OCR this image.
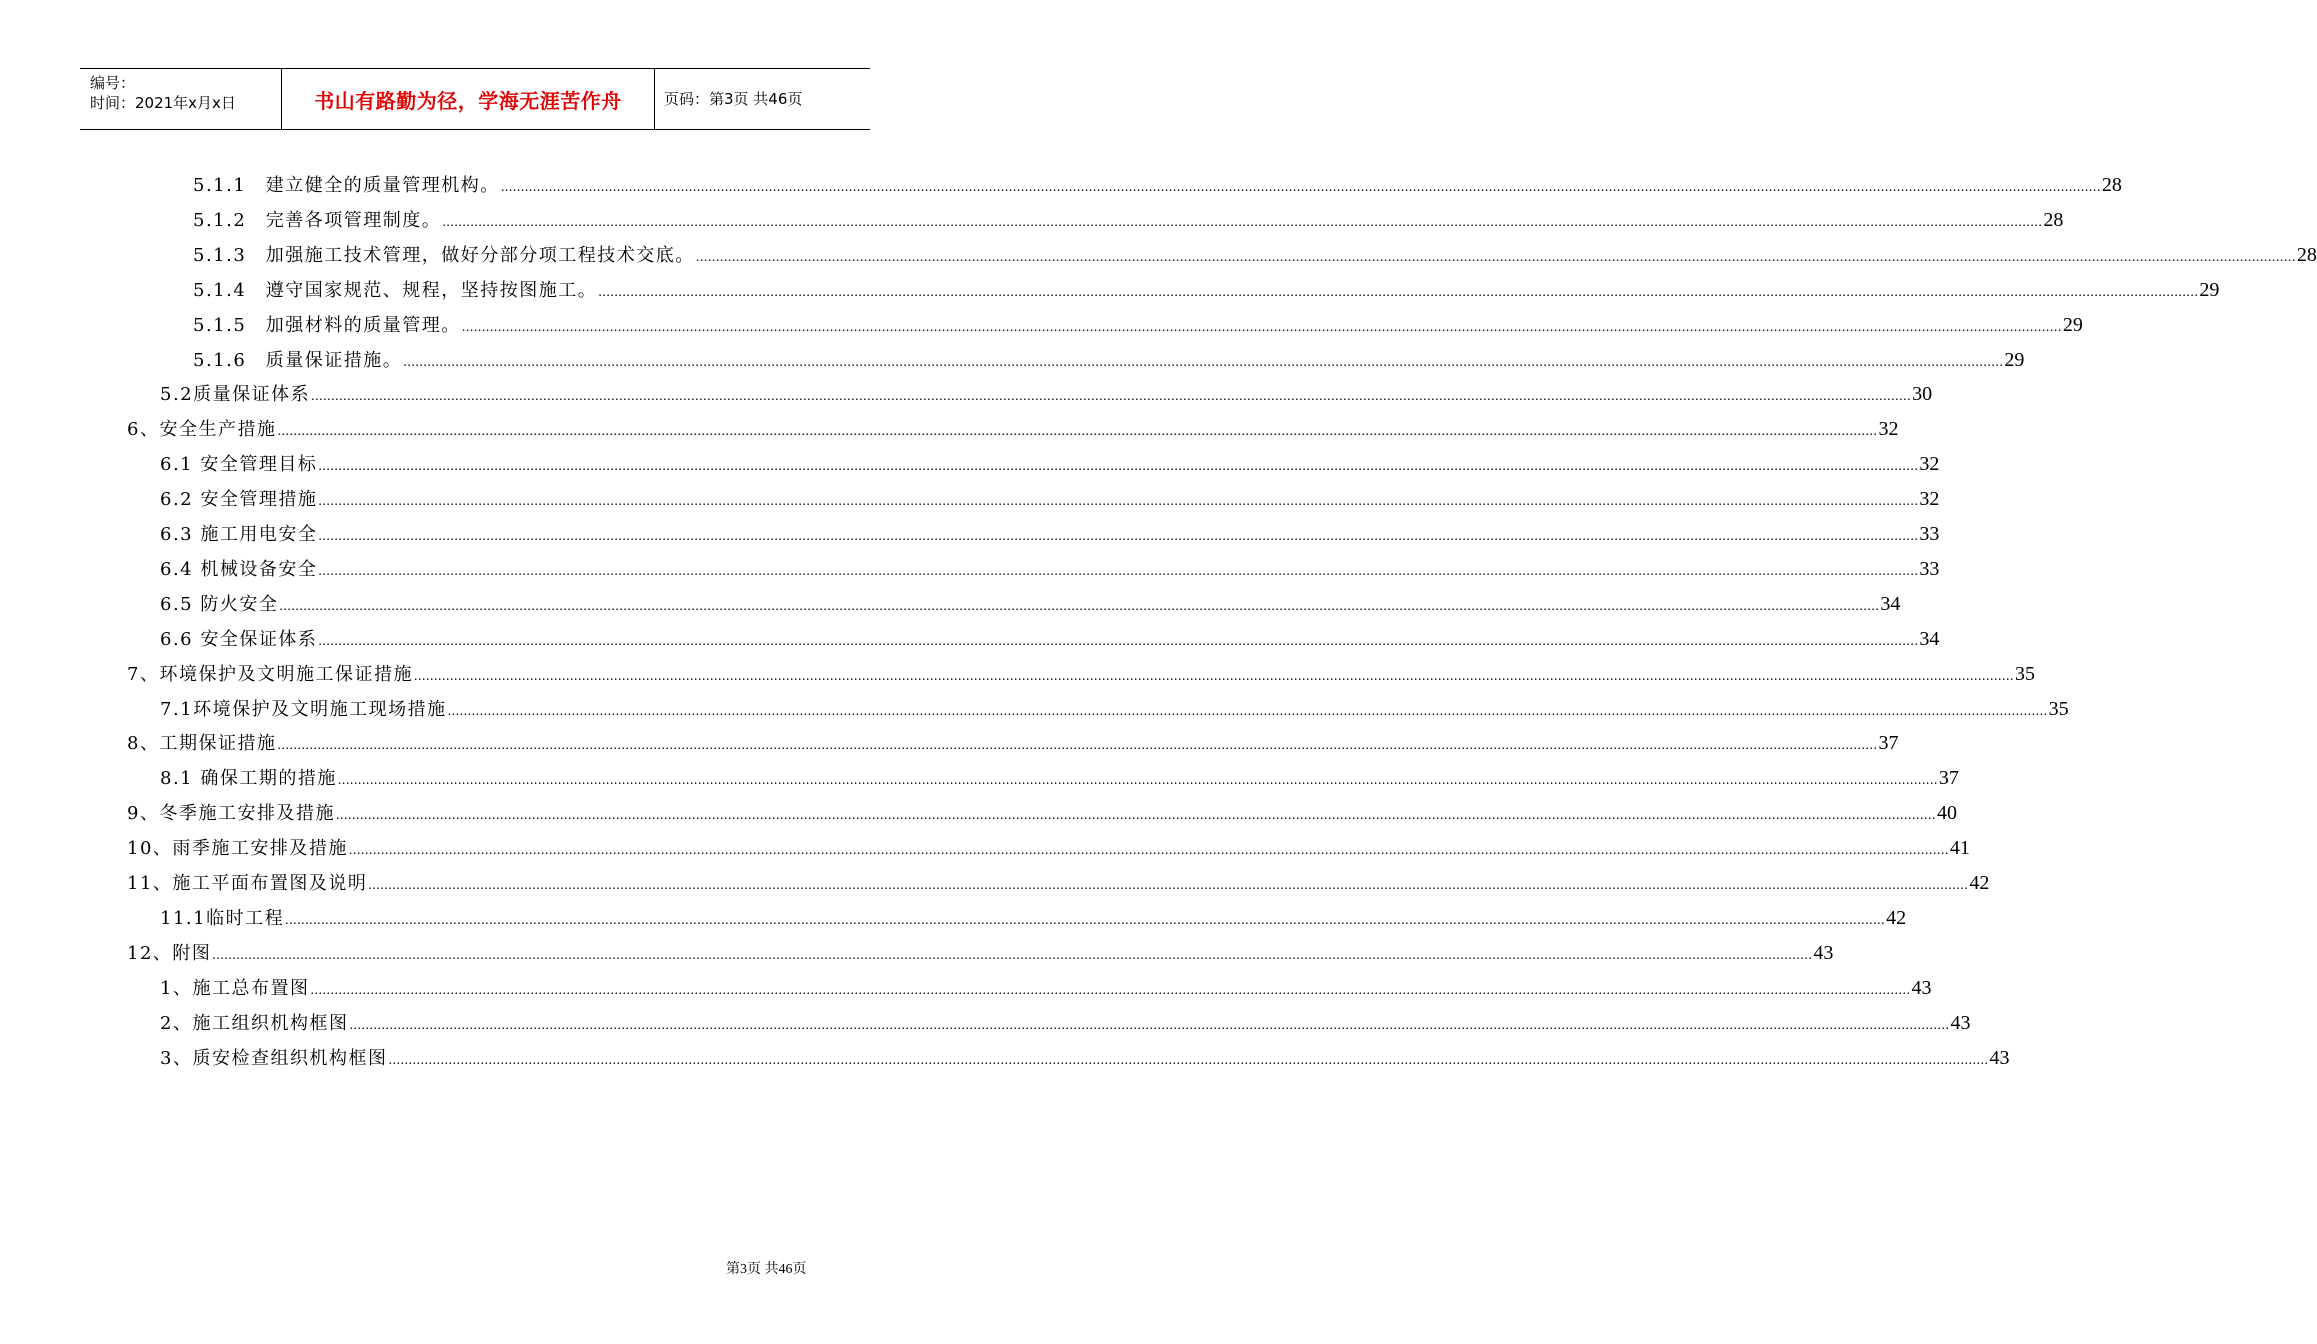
编号：
时间：2021年x月x日	书山有路勤为径，学海无涯苦作舟	页码：第3页 共46页
5.1.1　建立健全的质量管理机构。 ................................................................................................................................................................................................................................................................................................................................................................................................................ 28
5.1.2　完善各项管理制度。 ................................................................................................................................................................................................................................................................................................................................................................................................................ 28
5.1.3　加强施工技术管理，做好分部分项工程技术交底。 ................................................................................................................................................................................................................................................................................................................................................................................................................ 28
5.1.4　遵守国家规范、规程，坚持按图施工。 ................................................................................................................................................................................................................................................................................................................................................................................................................ 29
5.1.5　加强材料的质量管理。 ................................................................................................................................................................................................................................................................................................................................................................................................................ 29
5.1.6　质量保证措施。 ................................................................................................................................................................................................................................................................................................................................................................................................................ 29
5.2质量保证体系 ................................................................................................................................................................................................................................................................................................................................................................................................................ 30
6、安全生产措施 ................................................................................................................................................................................................................................................................................................................................................................................................................ 32
6.1 安全管理目标 ................................................................................................................................................................................................................................................................................................................................................................................................................ 32
6.2 安全管理措施 ................................................................................................................................................................................................................................................................................................................................................................................................................ 32
6.3 施工用电安全 ................................................................................................................................................................................................................................................................................................................................................................................................................ 33
6.4 机械设备安全 ................................................................................................................................................................................................................................................................................................................................................................................................................ 33
6.5 防火安全 ................................................................................................................................................................................................................................................................................................................................................................................................................ 34
6.6 安全保证体系 ................................................................................................................................................................................................................................................................................................................................................................................................................ 34
7、环境保护及文明施工保证措施 ................................................................................................................................................................................................................................................................................................................................................................................................................ 35
7.1环境保护及文明施工现场措施 ................................................................................................................................................................................................................................................................................................................................................................................................................ 35
8、工期保证措施 ................................................................................................................................................................................................................................................................................................................................................................................................................ 37
8.1 确保工期的措施 ................................................................................................................................................................................................................................................................................................................................................................................................................ 37
9、冬季施工安排及措施 ................................................................................................................................................................................................................................................................................................................................................................................................................ 40
10、雨季施工安排及措施 ................................................................................................................................................................................................................................................................................................................................................................................................................ 41
11、施工平面布置图及说明 ................................................................................................................................................................................................................................................................................................................................................................................................................ 42
11.1临时工程 ................................................................................................................................................................................................................................................................................................................................................................................................................ 42
12、附图 ................................................................................................................................................................................................................................................................................................................................................................................................................ 43
1、施工总布置图 ................................................................................................................................................................................................................................................................................................................................................................................................................ 43
2、施工组织机构框图 ................................................................................................................................................................................................................................................................................................................................................................................................................ 43
3、质安检查组织机构框图 ................................................................................................................................................................................................................................................................................................................................................................................................................ 43
第3页 共46页
